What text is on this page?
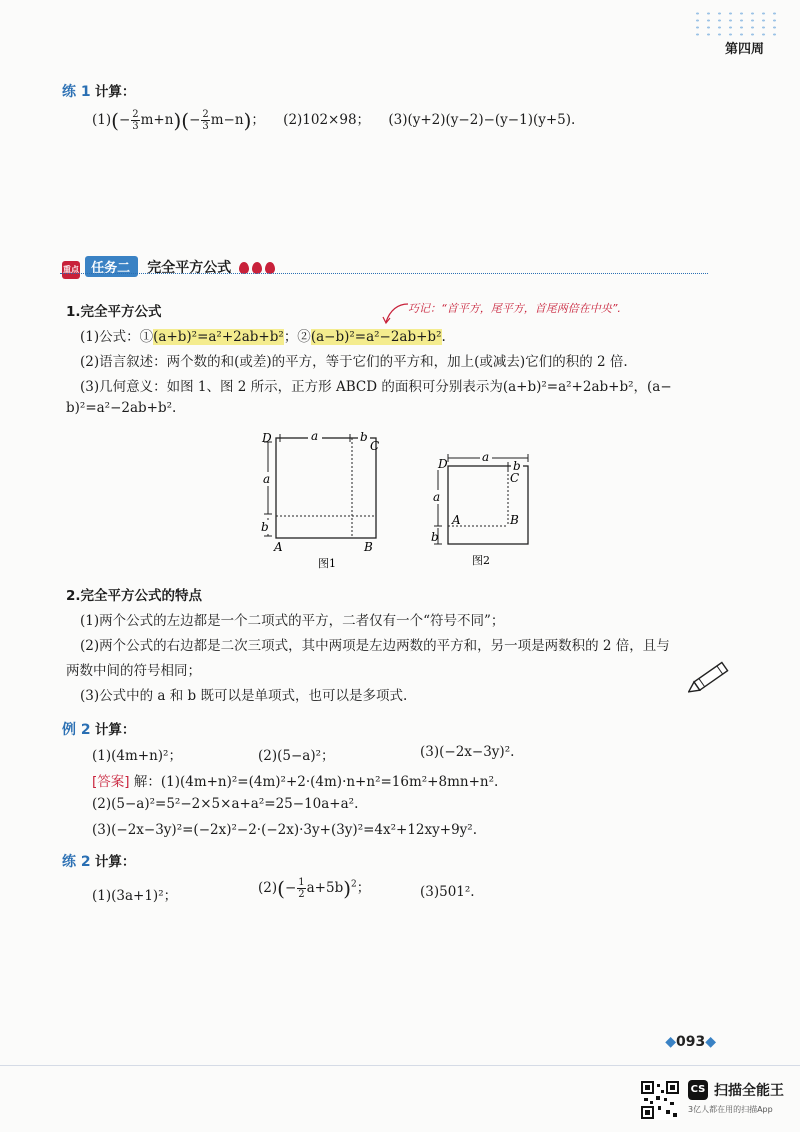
第四周
练 1 计算：
$(1)(- \frac{2}{3} m+n)(- \frac{2}{3} m-n)$； (2)102×98； (3)(y+2)(y−2)−(y−1)(y+5).
重点 任务二 完全平方公式
1.完全平方公式	巧记：“首平方，尾平方，首尾两倍在中央”.
(1)公式：①(a+b)²=a²+2ab+b²；②(a−b)²=a²−2ab+b².
(2)语言叙述：两个数的和(或差)的平方，等于它们的平方和，加上(或减去)它们的积的 2 倍.
(3)几何意义：如图 1、图 2 所示，正方形 ABCD 的面积可分别表示为(a+b)²=a²+2ab+b²，(a−
b)²=a²−2ab+b².
a	b
a
b
D
C
A	B
图1
a
b
a
b
D
C
A	B
图2
2.完全平方公式的特点
(1)两个公式的左边都是一个二项式的平方，二者仅有一个“符号不同”；
(2)两个公式的右边都是二次三项式，其中两项是左边两数的平方和，另一项是两数积的 2 倍，且与
两数中间的符号相同；
(3)公式中的 a 和 b 既可以是单项式，也可以是多项式.
例 2 计算：
(1)(4m+n)²；	(2)(5−a)²；	(3)(−2x−3y)².
[答案] 解：(1)(4m+n)²=(4m)²+2·(4m)·n+n²=16m²+8mn+n².
(2)(5−a)²=5²−2×5×a+a²=25−10a+a².
(3)(−2x−3y)²=(−2x)²−2·(−2x)·3y+(3y)²=4x²+12xy+9y².
练 2 计算：
(1)(3a+1)²；	$(2)(- \frac{1}{2} a+5b)^2$；	(3)501².
◆093◆
CS 扫描全能王
3亿人都在用的扫描App
